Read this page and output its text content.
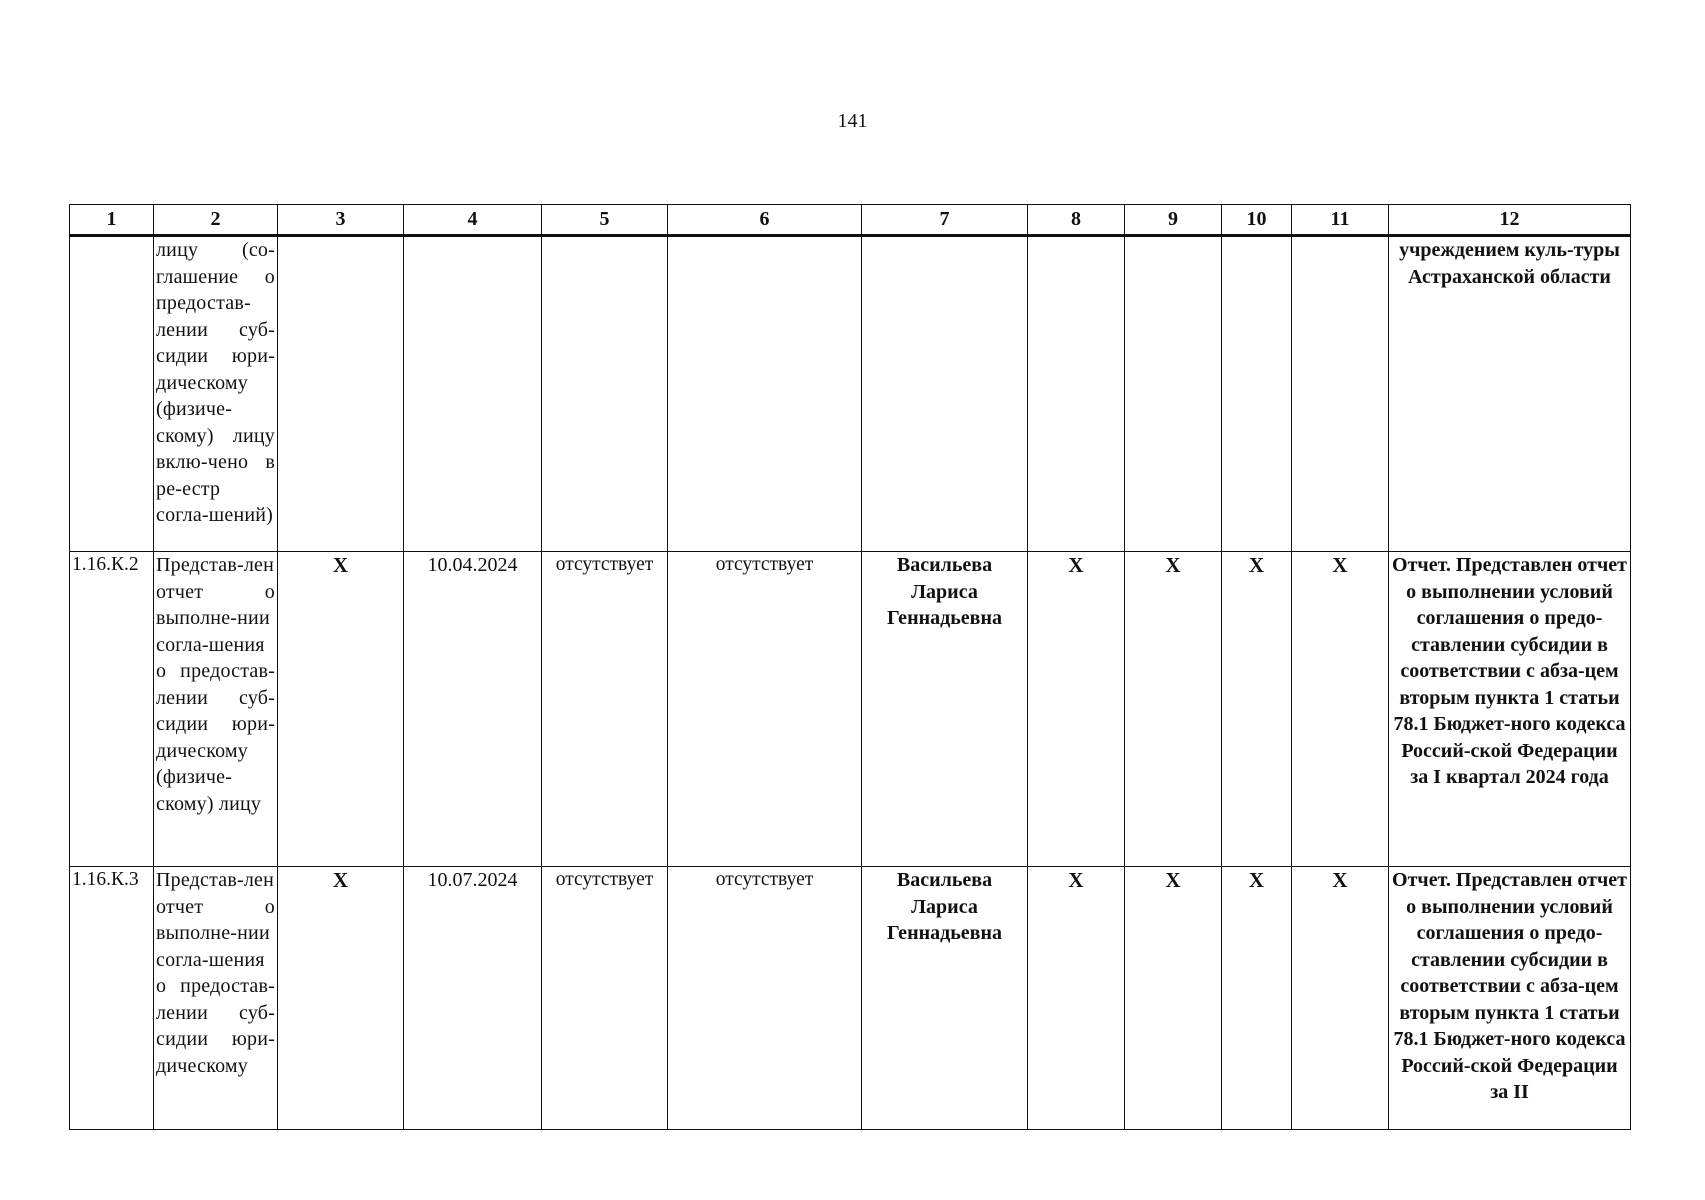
141
1	2	3	4	5	6	7	8	9	10	11	12
	лицу (со-глашение о предостав-лении суб-сидии юри-дическому (физиче-скому) лицу вклю-чено в ре-естр согла-шений)										учреждением куль-туры Астраханской области
1.16.К.2	Представ-лен отчет о выполне-нии согла-шения о предостав-лении суб-сидии юри-дическому (физиче-скому) лицу	Х	10.04.2024	отсутствует	отсутствует	Васильева Лариса Геннадьевна	Х	Х	Х	Х	Отчет. Представлен отчет о выполнении условий соглашения о предо-ставлении субсидии в соответствии с абза-цем вторым пункта 1 статьи 78.1 Бюджет-ного кодекса Россий-ской Федерации за I квартал 2024 года
1.16.К.3	Представ-лен отчет о выполне-нии согла-шения о предостав-лении суб-сидии юри-дическому	Х	10.07.2024	отсутствует	отсутствует	Васильева Лариса Геннадьевна	Х	Х	Х	Х	Отчет. Представлен отчет о выполнении условий соглашения о предо-ставлении субсидии в соответствии с абза-цем вторым пункта 1 статьи 78.1 Бюджет-ного кодекса Россий-ской Федерации за II
